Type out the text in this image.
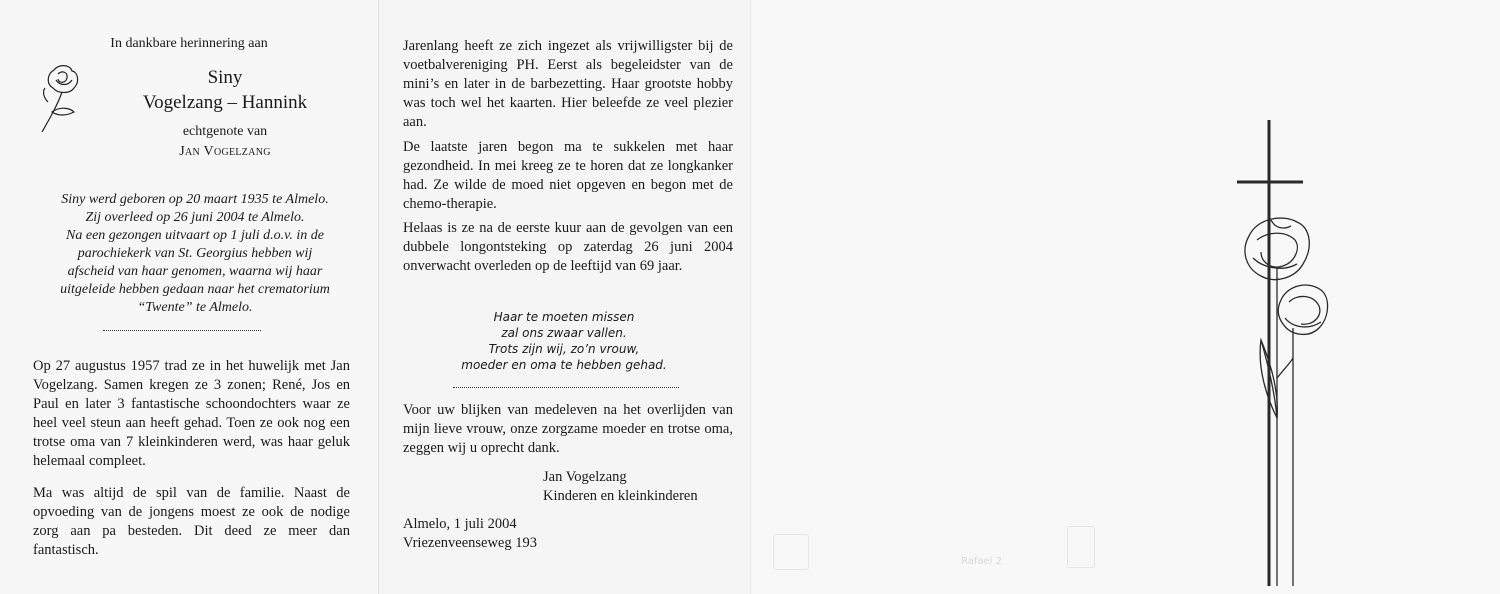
In dankbare herinnering aan
Siny
Vogelzang – Hannink
echtgenote van
Jan Vogelzang
Siny werd geboren op 20 maart 1935 te Almelo.
Zij overleed op 26 juni 2004 te Almelo.
Na een gezongen uitvaart op 1 juli d.o.v. in de
parochiekerk van St. Georgius hebben wij
afscheid van haar genomen, waarna wij haar
uitgeleide hebben gedaan naar het crematorium
“Twente” te Almelo.
Op 27 augustus 1957 trad ze in het huwelijk met Jan Vogelzang. Samen kregen ze 3 zonen; René, Jos en Paul en later 3 fantastische schoondochters waar ze heel veel steun aan heeft gehad. Toen ze ook nog een trotse oma van 7 kleinkinderen werd, was haar geluk helemaal compleet.
Ma was altijd de spil van de familie. Naast de opvoeding van de jongens moest ze ook de nodige zorg aan pa besteden. Dit deed ze meer dan fantastisch.
Jarenlang heeft ze zich ingezet als vrijwilligster bij de voetbalvereniging PH. Eerst als begeleidster van de mini’s en later in de barbezetting. Haar grootste hobby was toch wel het kaarten. Hier beleefde ze veel plezier aan.
De laatste jaren begon ma te sukkelen met haar gezondheid. In mei kreeg ze te horen dat ze longkanker had. Ze wilde de moed niet opgeven en begon met de chemo-therapie.
Helaas is ze na de eerste kuur aan de gevolgen van een dubbele longontsteking op zaterdag 26 juni 2004 onverwacht overleden op de leeftijd van 69 jaar.
Haar te moeten missen
zal ons zwaar vallen.
Trots zijn wij, zo’n vrouw,
moeder en oma te hebben gehad.
Voor uw blijken van medeleven na het overlijden van mijn lieve vrouw, onze zorgzame moeder en trotse oma, zeggen wij u oprecht dank.
Jan Vogelzang
Kinderen en kleinkinderen
Almelo, 1 juli 2004
Vriezenveenseweg 193
Rafael 2
